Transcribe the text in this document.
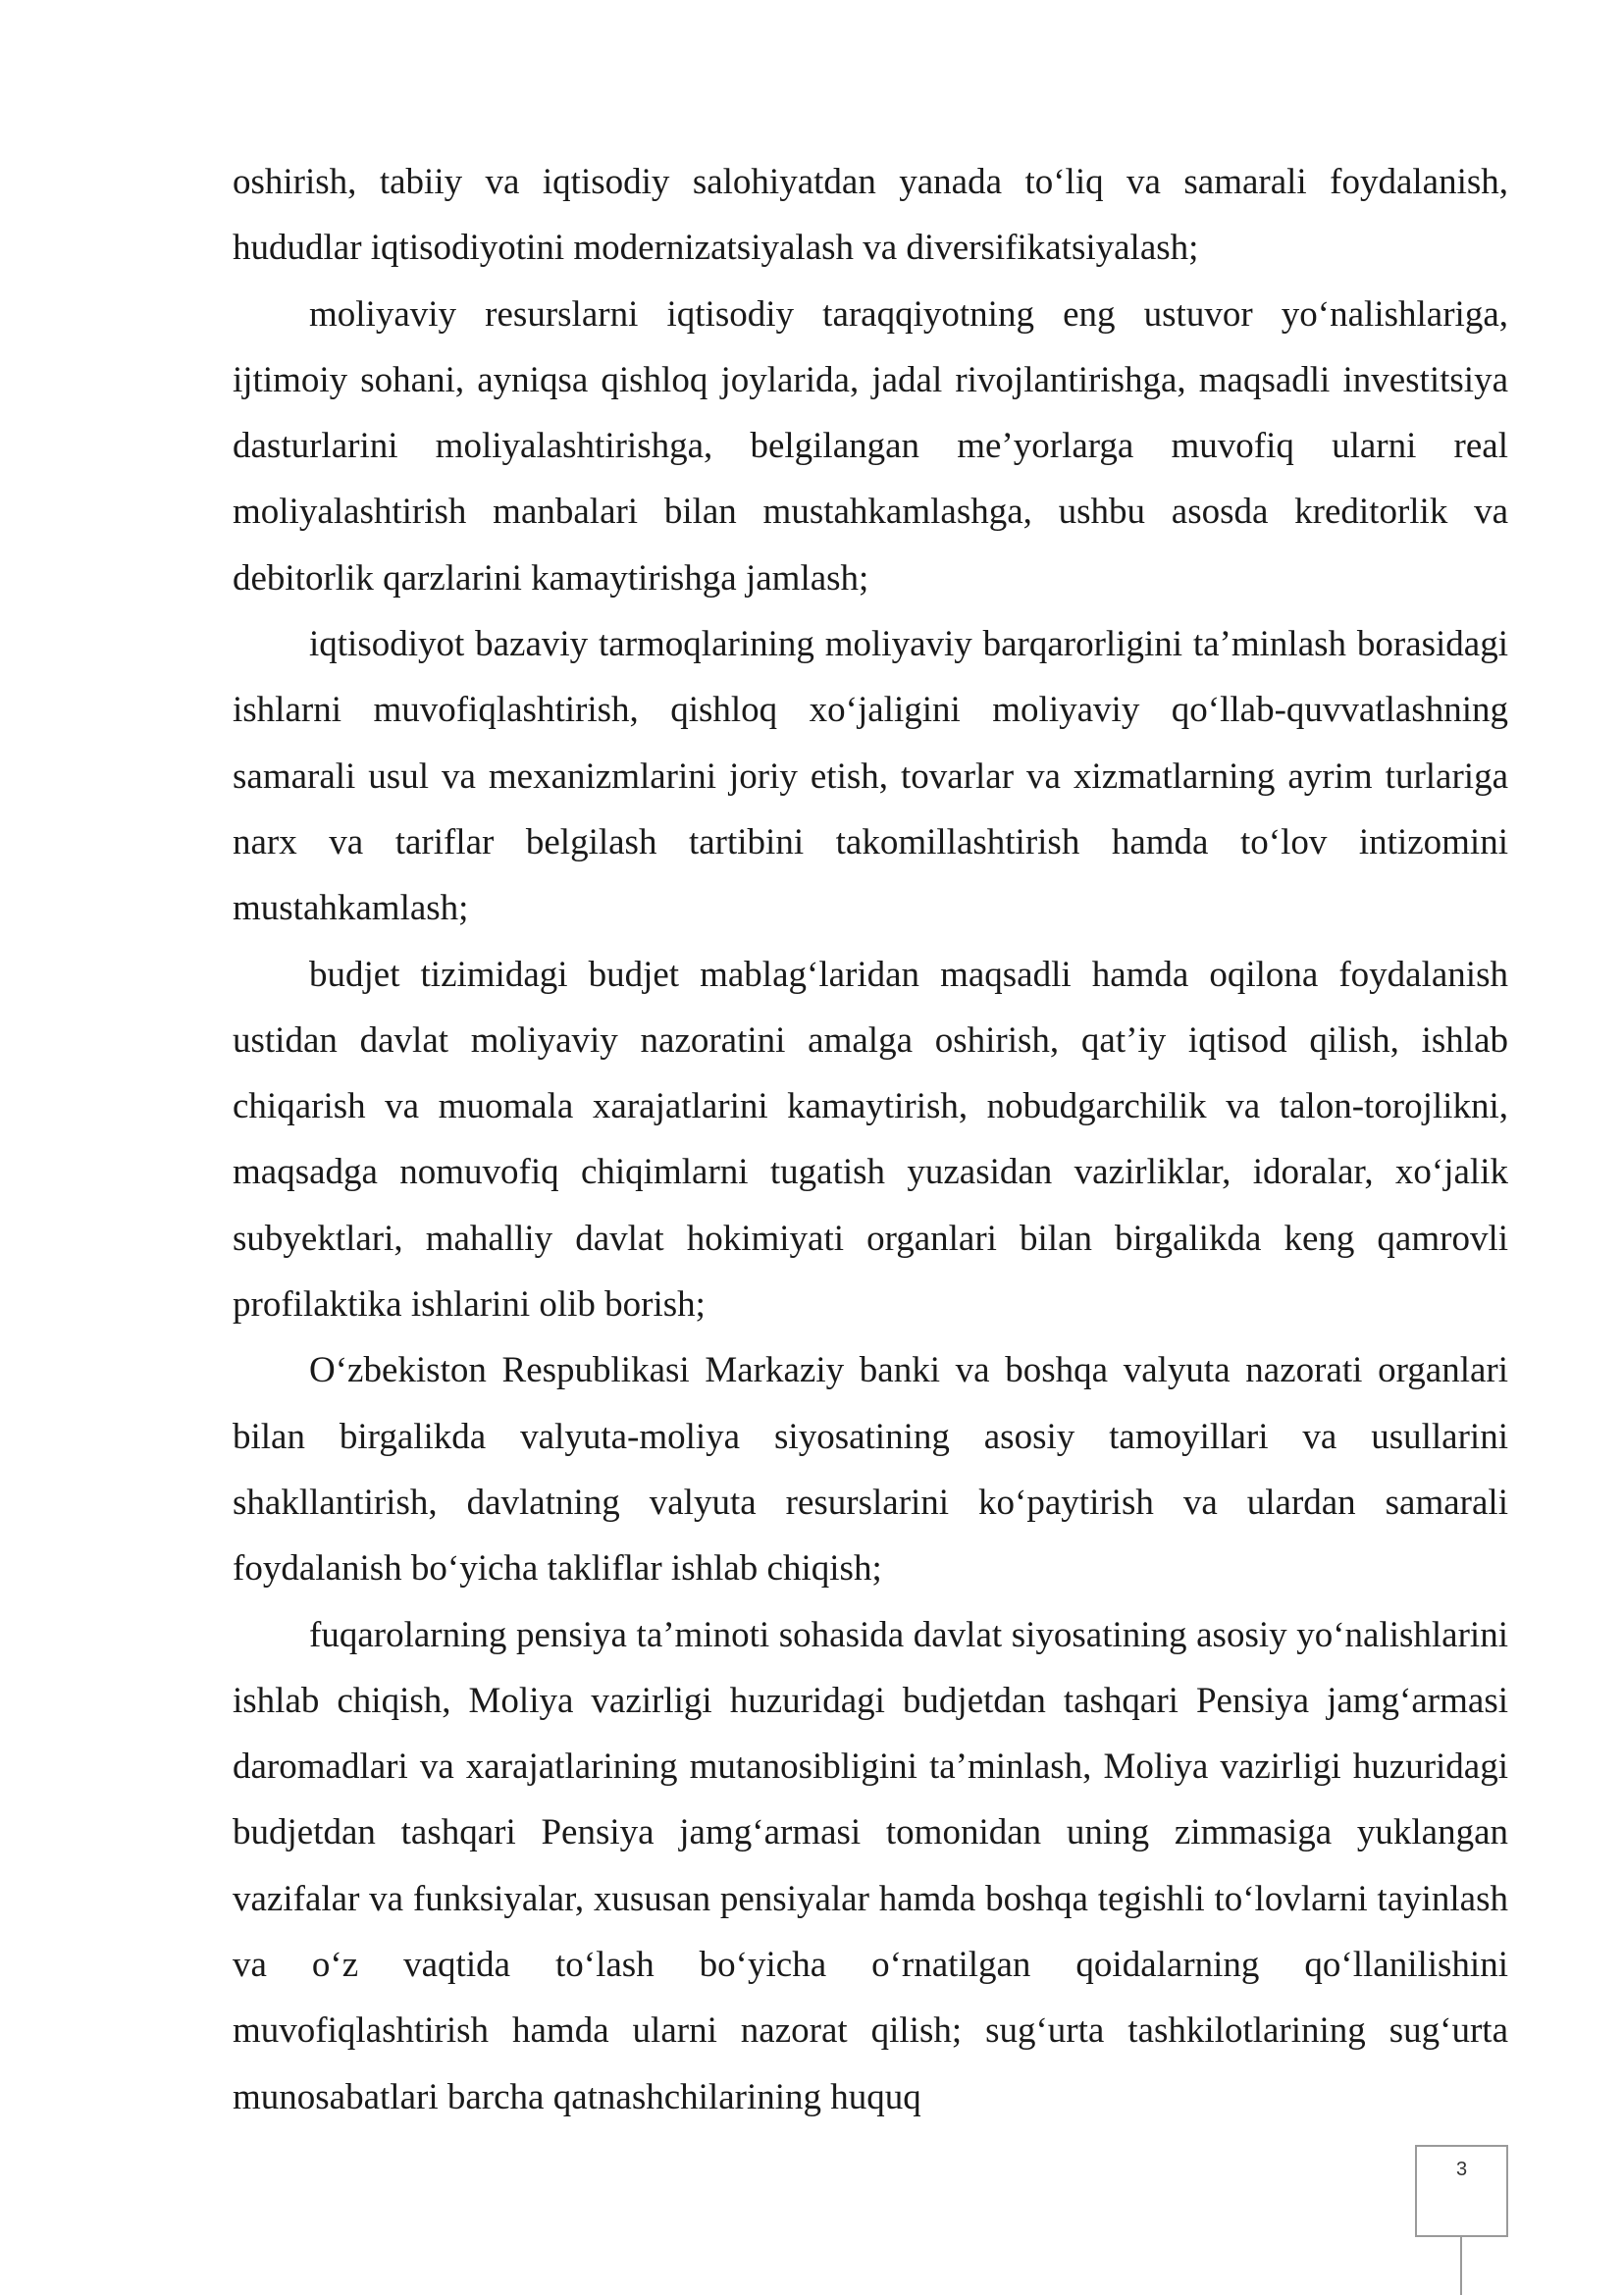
oshirish, tabiiy va iqtisodiy salohiyatdan yanada to‘liq va samarali foydalanish, hududlar iqtisodiyotini modernizatsiyalash va diversifikatsiyalash;

moliyaviy resurslarni iqtisodiy taraqqiyotning eng ustuvor yo‘nalishlariga, ijtimoiy sohani, ayniqsa qishloq joylarida, jadal rivojlantirishga, maqsadli investitsiya dasturlarini moliyalashtirishga, belgilangan me’yorlarga muvofiq ularni real moliyalashtirish manbalari bilan mustahkamlashga, ushbu asosda kreditorlik va debitorlik qarzlarini kamaytirishga jamlash;

iqtisodiyot bazaviy tarmoqlarining moliyaviy barqarorligini ta’minlash borasidagi ishlarni muvofiqlashtirish, qishloq xo‘jaligini moliyaviy qo‘llab-quvvatlashning samarali usul va mexanizmlarini joriy etish, tovarlar va xizmatlarning ayrim turlariga narx va tariflar belgilash tartibini takomillashtirish hamda to‘lov intizomini mustahkamlash;

budjet tizimidagi budjet mablag‘laridan maqsadli hamda oqilona foydalanish ustidan davlat moliyaviy nazoratini amalga oshirish, qat’iy iqtisod qilish, ishlab chiqarish va muomala xarajatlarini kamaytirish, nobudgarchilik va talon-torojlikni, maqsadga nomuvofiq chiqimlarni tugatish yuzasidan vazirliklar, idoralar, xo‘jalik subyektlari, mahalliy davlat hokimiyati organlari bilan birgalikda keng qamrovli profilaktika ishlarini olib borish;

O‘zbekiston Respublikasi Markaziy banki va boshqa valyuta nazorati organlari bilan birgalikda valyuta-moliya siyosatining asosiy tamoyillari va usullarini shakllantirish, davlatning valyuta resurslarini ko‘paytirish va ulardan samarali foydalanish bo‘yicha takliflar ishlab chiqish;

fuqarolarning pensiya ta’minoti sohasida davlat siyosatining asosiy yo‘nalishlarini ishlab chiqish, Moliya vazirligi huzuridagi budjetdan tashqari Pensiya jamg‘armasi daromadlari va xarajatlarining mutanosibligini ta’minlash, Moliya vazirligi huzuridagi budjetdan tashqari Pensiya jamg‘armasi tomonidan uning zimmasiga yuklangan vazifalar va funksiyalar, xususan pensiyalar hamda boshqa tegishli to‘lovlarni tayinlash va o‘z vaqtida to‘lash bo‘yicha o‘rnatilgan qoidalarning qo‘llanilishini muvofiqlashtirish hamda ularni nazorat qilish; sug‘urta tashkilotlarining sug‘urta munosabatlari barcha qatnashchilarining huquq

3
